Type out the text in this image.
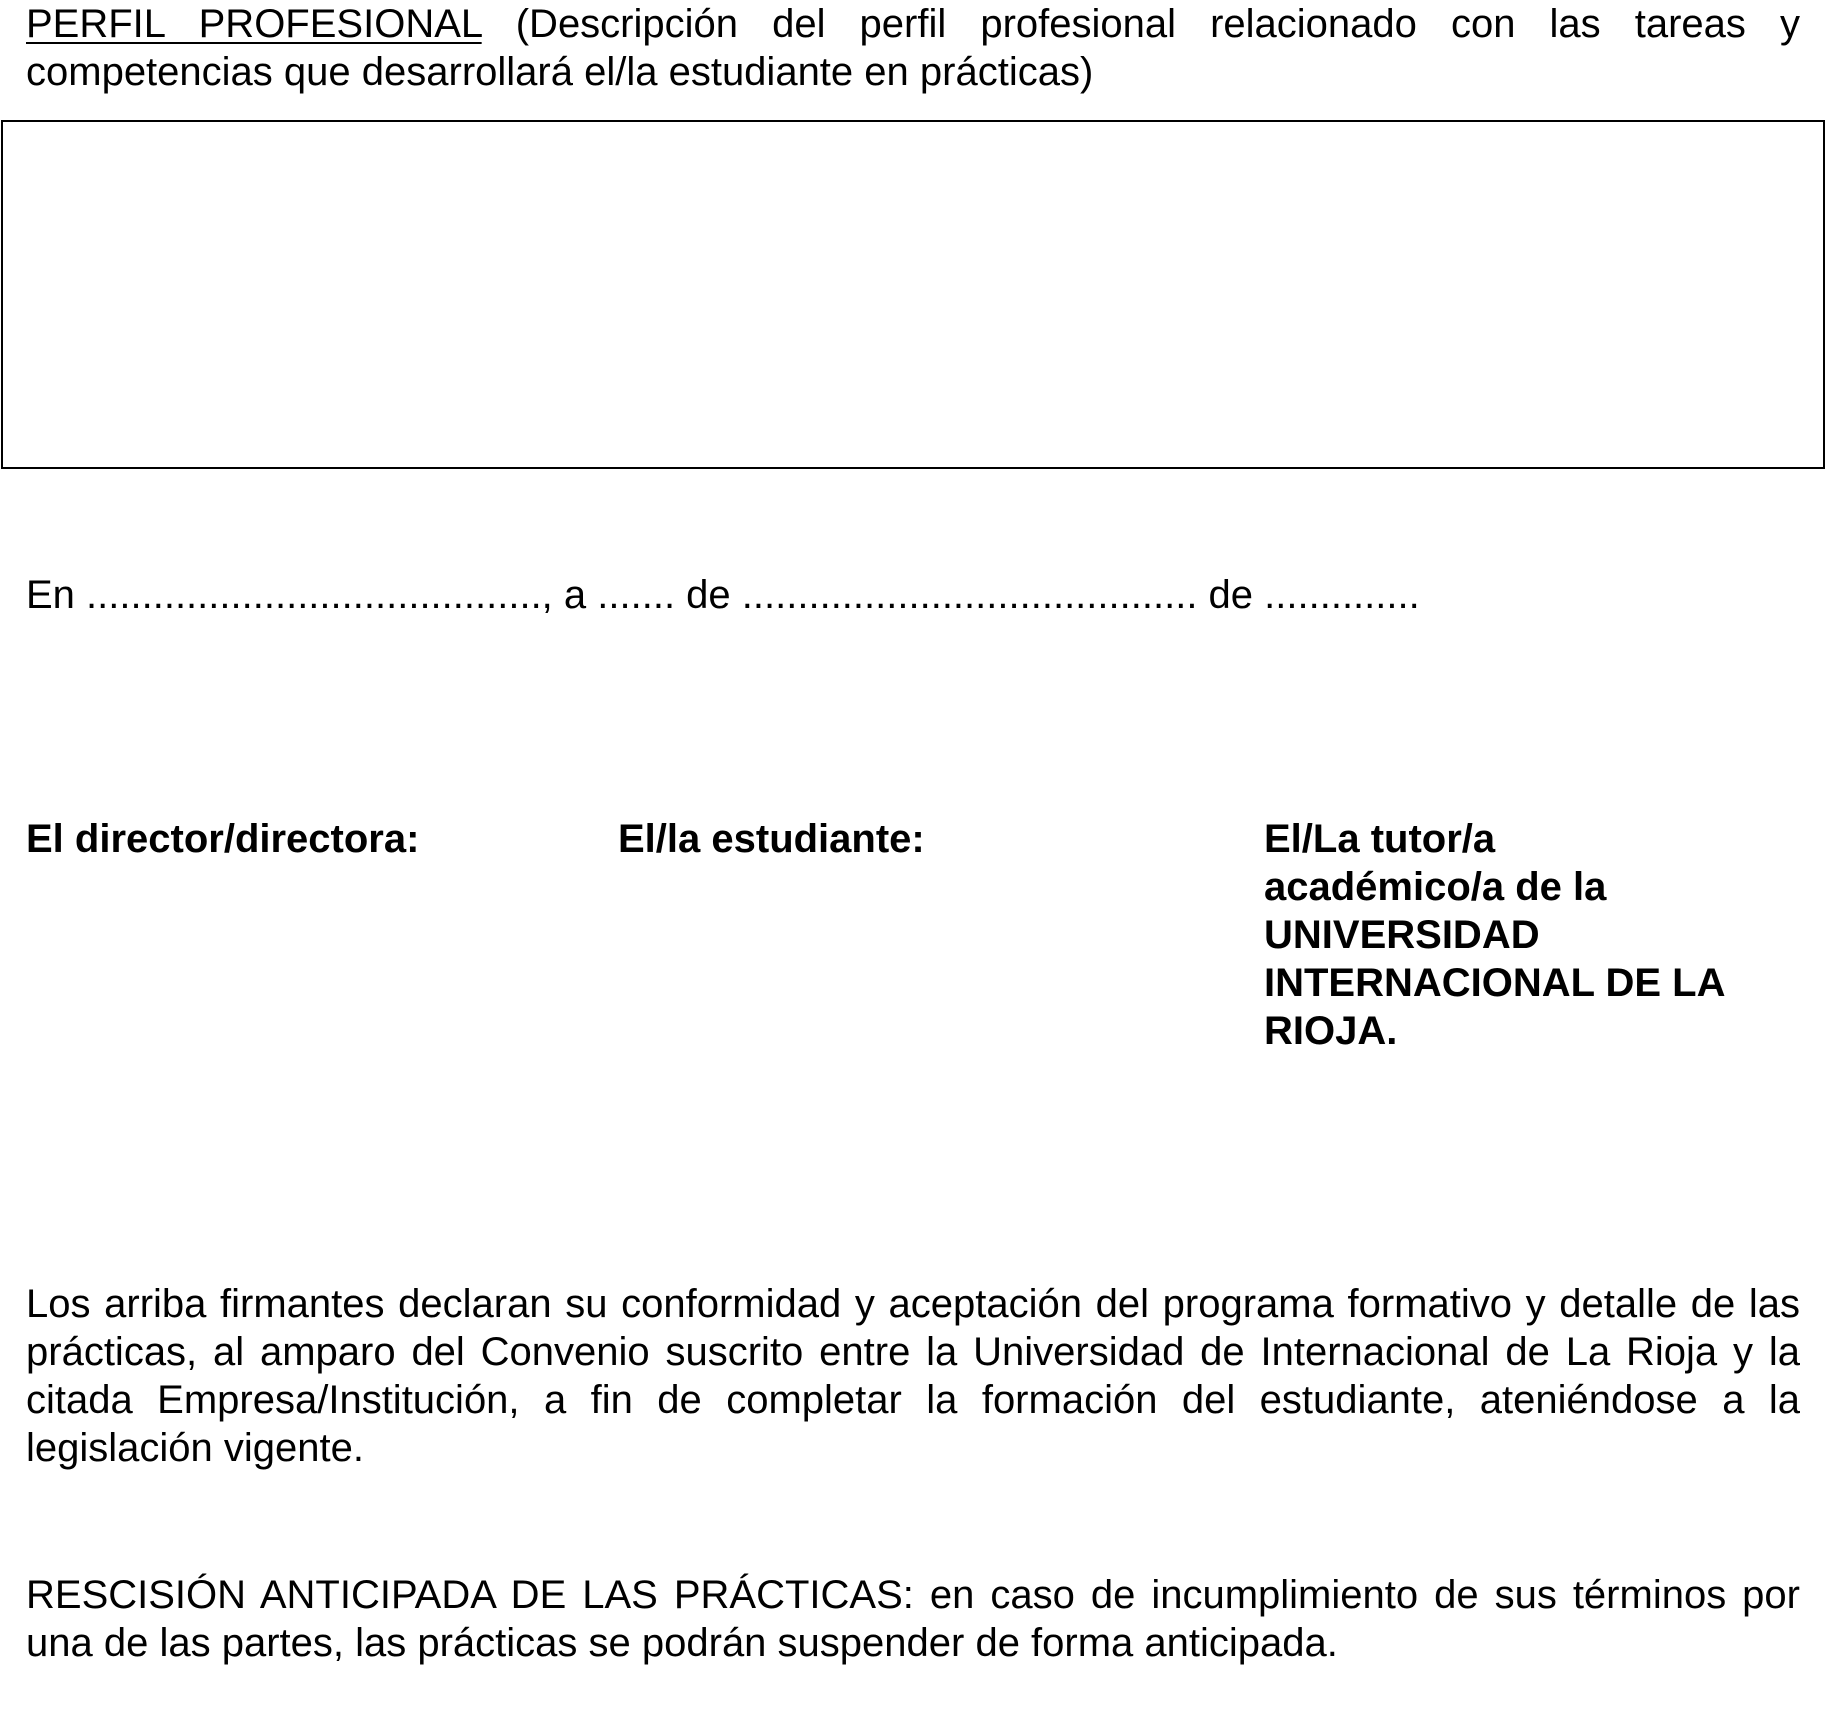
PERFIL PROFESIONAL (Descripción del perfil profesional relacionado con las tareas y competencias que desarrollará el/la estudiante en prácticas)

En ........................................., a ....... de ......................................... de ..............

El director/directora:	El/la estudiante:	El/La tutor/a
académico/a de la
UNIVERSIDAD
INTERNACIONAL DE LA
RIOJA.

Los arriba firmantes declaran su conformidad y aceptación del programa formativo y detalle de las prácticas, al amparo del Convenio suscrito entre la Universidad de Internacional de La Rioja y la citada Empresa/Institución, a fin de completar la formación del estudiante, ateniéndose a la legislación vigente.

RESCISIÓN ANTICIPADA DE LAS PRÁCTICAS: en caso de incumplimiento de sus términos por una de las partes, las prácticas se podrán suspender de forma anticipada.
